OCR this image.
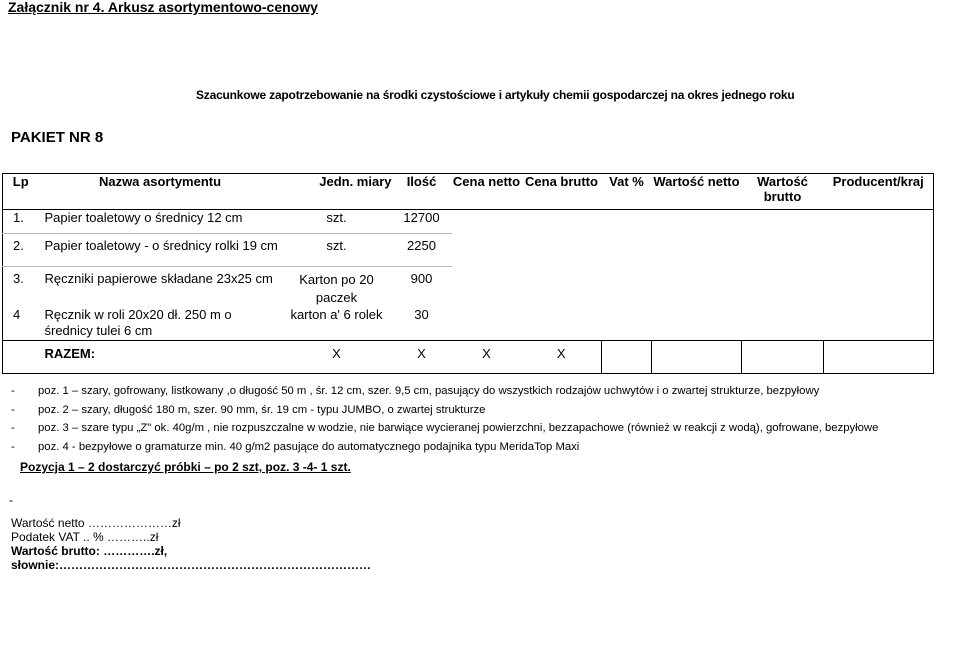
Załącznik nr 4. Arkusz asortymentowo-cenowy
Szacunkowe zapotrzebowanie na środki czystościowe i artykuły chemii gospodarczej na okres jednego roku
PAKIET NR 8
Lp	Nazwa asortymentu	Jedn. miary	Ilość	Cena netto	Cena brutto	Vat %	Wartość netto	Wartość brutto	Producent/kraj
1.	Papier toaletowy o średnicy 12 cm	szt.	12700						
2.	Papier toaletowy - o średnicy rolki 19 cm	szt.	2250						
3.	Ręczniki papierowe składane 23x25 cm	Karton po 20 paczek	900						
4	Ręcznik w roli 20x20 dł. 250 m o średnicy tulei 6 cm	karton a' 6 rolek	30						
	RAZEM:	X	X	X	X				
- poz. 1 – szary, gofrowany, listkowany ,o długość 50 m , śr. 12 cm, szer. 9,5 cm, pasujący do wszystkich rodzajów uchwytów i o zwartej strukturze, bezpyłowy
- poz. 2 – szary, długość 180 m, szer. 90 mm, śr. 19 cm - typu JUMBO, o zwartej strukturze
- poz. 3 – szare typu „Z" ok. 40g/m , nie rozpuszczalne w wodzie, nie barwiące wycieranej powierzchni, bezzapachowe (również w reakcji z wodą), gofrowane, bezpyłowe
- poz. 4 - bezpyłowe o gramaturze min. 40 g/m2 pasujące do automatycznego podajnika typu MeridaTop Maxi
Pozycja 1 – 2 dostarczyć próbki – po 2 szt, poz. 3 -4- 1 szt.
-
Wartość netto …………………zł
Podatek VAT .. % ………..zł
Wartość brutto: ………….zł,
słownie:……………………………………………………………………
